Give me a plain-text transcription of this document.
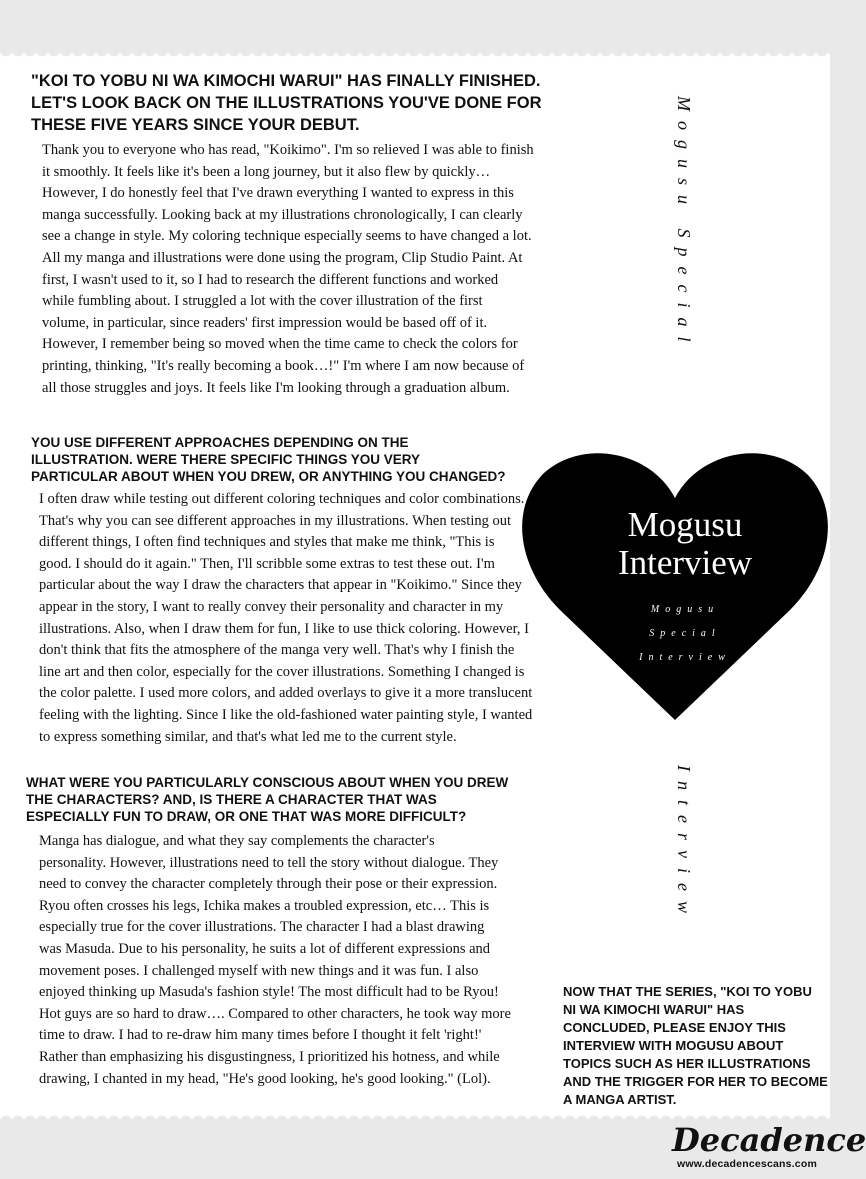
"KOI TO YOBU NI WA KIMOCHI WARUI" HAS FINALLY FINISHED.
LET'S LOOK BACK ON THE ILLUSTRATIONS YOU'VE DONE FOR
THESE FIVE YEARS SINCE YOUR DEBUT.
Thank you to everyone who has read, "Koikimo". I'm so relieved I was able to finish
it smoothly. It feels like it's been a long journey, but it also flew by quickly…
However, I do honestly feel that I've drawn everything I wanted to express in this
manga successfully. Looking back at my illustrations chronologically, I can clearly
see a change in style. My coloring technique especially seems to have changed a lot.
All my manga and illustrations were done using the program, Clip Studio Paint. At
first, I wasn't used to it, so I had to research the different functions and worked
while fumbling about. I struggled a lot with the cover illustration of the first
volume, in particular, since readers' first impression would be based off of it.
However, I remember being so moved when the time came to check the colors for
printing, thinking, "It's really becoming a book…!" I'm where I am now because of
all those struggles and joys. It feels like I'm looking through a graduation album.
YOU USE DIFFERENT APPROACHES DEPENDING ON THE
ILLUSTRATION. WERE THERE SPECIFIC THINGS YOU VERY
PARTICULAR ABOUT WHEN YOU DREW, OR ANYTHING YOU CHANGED?
I often draw while testing out different coloring techniques and color combinations.
That's why you can see different approaches in my illustrations. When testing out
different things, I often find techniques and styles that make me think, "This is
good. I should do it again." Then, I'll scribble some extras to test these out. I'm
particular about the way I draw the characters that appear in "Koikimo." Since they
appear in the story, I want to really convey their personality and character in my
illustrations. Also, when I draw them for fun, I like to use thick coloring. However, I
don't think that fits the atmosphere of the manga very well. That's why I finish the
line art and then color, especially for the cover illustrations. Something I changed is
the color palette. I used more colors, and added overlays to give it a more translucent
feeling with the lighting. Since I like the old-fashioned water painting style, I wanted
to express something similar, and that's what led me to the current style.
WHAT WERE YOU PARTICULARLY CONSCIOUS ABOUT WHEN YOU DREW
THE CHARACTERS? AND, IS THERE A CHARACTER THAT WAS
ESPECIALLY FUN TO DRAW, OR ONE THAT WAS MORE DIFFICULT?
Manga has dialogue, and what they say complements the character's
personality. However, illustrations need to tell the story without dialogue. They
need to convey the character completely through their pose or their expression.
Ryou often crosses his legs, Ichika makes a troubled expression, etc… This is
especially true for the cover illustrations. The character I had a blast drawing
was Masuda. Due to his personality, he suits a lot of different expressions and
movement poses. I challenged myself with new things and it was fun. I also
enjoyed thinking up Masuda's fashion style! The most difficult had to be Ryou!
Hot guys are so hard to draw…. Compared to other characters, he took way more
time to draw. I had to re-draw him many times before I thought it felt 'right!'
Rather than emphasizing his disgustingness, I prioritized his hotness, and while
drawing, I chanted in my head, "He's good looking, he's good looking." (Lol).
Mogusu Special
Interview
Mogusu
Interview
Mogusu
Special
Interview
NOW THAT THE SERIES, "KOI TO YOBU
NI WA KIMOCHI WARUI" HAS
CONCLUDED, PLEASE ENJOY THIS
INTERVIEW WITH MOGUSU ABOUT
TOPICS SUCH AS HER ILLUSTRATIONS
AND THE TRIGGER FOR HER TO BECOME
A MANGA ARTIST.
Decadence
www.decadencescans.com
